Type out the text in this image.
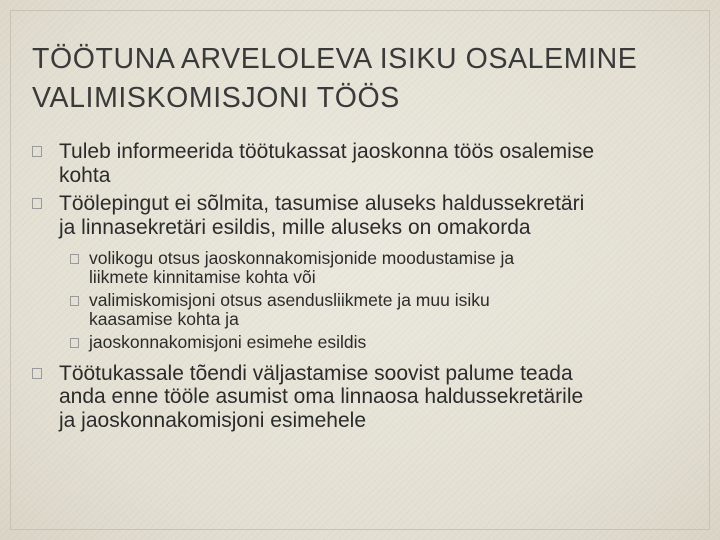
TÖÖTUNA ARVELOLEVA ISIKU OSALEMINE
VALIMISKOMISJONI TÖÖS
Tuleb informeerida töötukassat jaoskonna töös osalemise
kohta
Töölepingut ei sõlmita, tasumise aluseks haldussekretäri
ja linnasekretäri esildis, mille aluseks on omakorda
volikogu otsus jaoskonnakomisjonide moodustamise ja
liikmete kinnitamise kohta või
valimiskomisjoni otsus asendusliikmete ja muu isiku
kaasamise kohta ja
jaoskonnakomisjoni esimehe esildis
Töötukassale tõendi väljastamise soovist palume teada
anda enne tööle asumist oma linnaosa haldussekretärile
ja jaoskonnakomisjoni esimehele
